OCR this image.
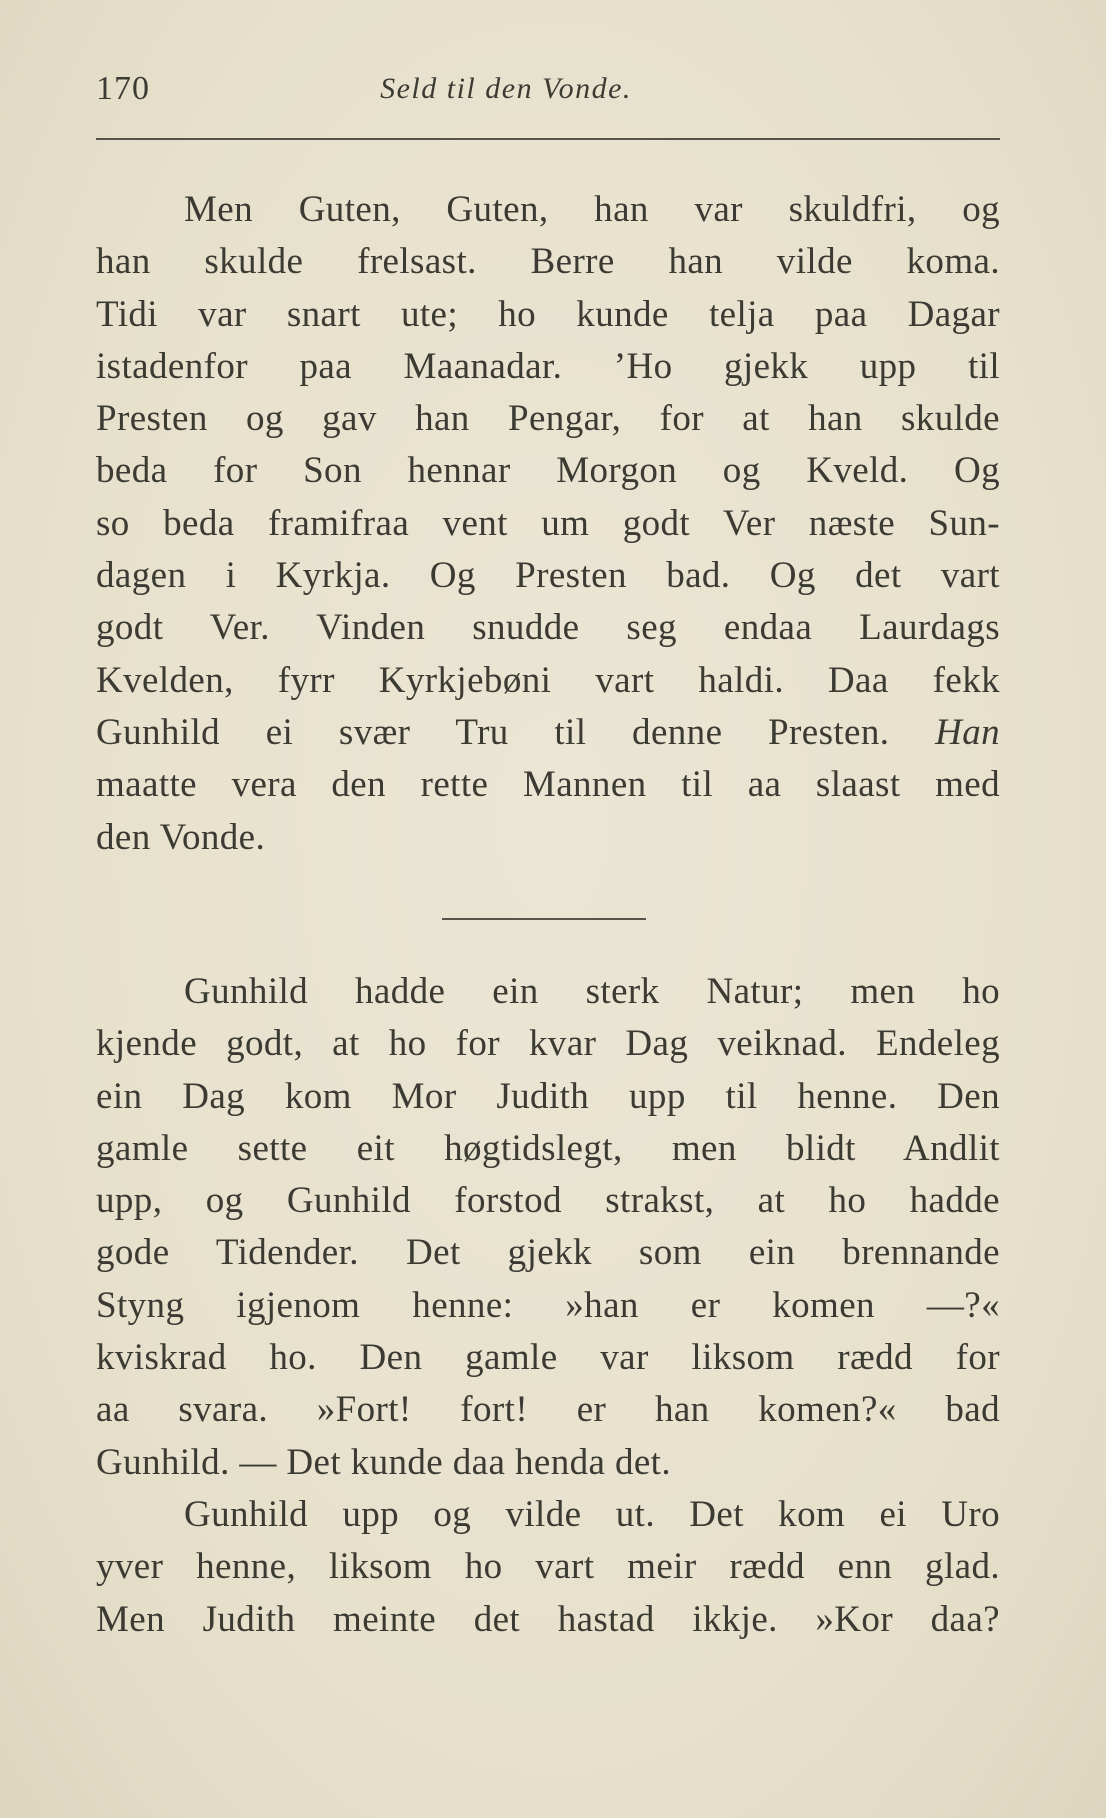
170	Seld til den Vonde.
Men Guten, Guten, han var skuldfri, og
han skulde frelsast. Berre han vilde koma.
Tidi var snart ute; ho kunde telja paa Dagar
istadenfor paa Maanadar. ’Ho gjekk upp til
Presten og gav han Pengar, for at han skulde
beda for Son hennar Morgon og Kveld. Og
so beda framifraa vent um godt Ver næste Sun-
dagen i Kyrkja. Og Presten bad. Og det vart
godt Ver. Vinden snudde seg endaa Laurdags
Kvelden, fyrr Kyrkjebøni vart haldi. Daa fekk
Gunhild ei svær Tru til denne Presten. Han
maatte vera den rette Mannen til aa slaast med
den Vonde.
Gunhild hadde ein sterk Natur; men ho
kjende godt, at ho for kvar Dag veiknad. Endeleg
ein Dag kom Mor Judith upp til henne. Den
gamle sette eit høgtidslegt, men blidt Andlit
upp, og Gunhild forstod strakst, at ho hadde
gode Tidender. Det gjekk som ein brennande
Styng igjenom henne: »han er komen —?«
kviskrad ho. Den gamle var liksom rædd for
aa svara. »Fort! fort! er han komen?« bad
Gunhild. — Det kunde daa henda det.
Gunhild upp og vilde ut. Det kom ei Uro
yver henne, liksom ho vart meir rædd enn glad.
Men Judith meinte det hastad ikkje. »Kor daa?
